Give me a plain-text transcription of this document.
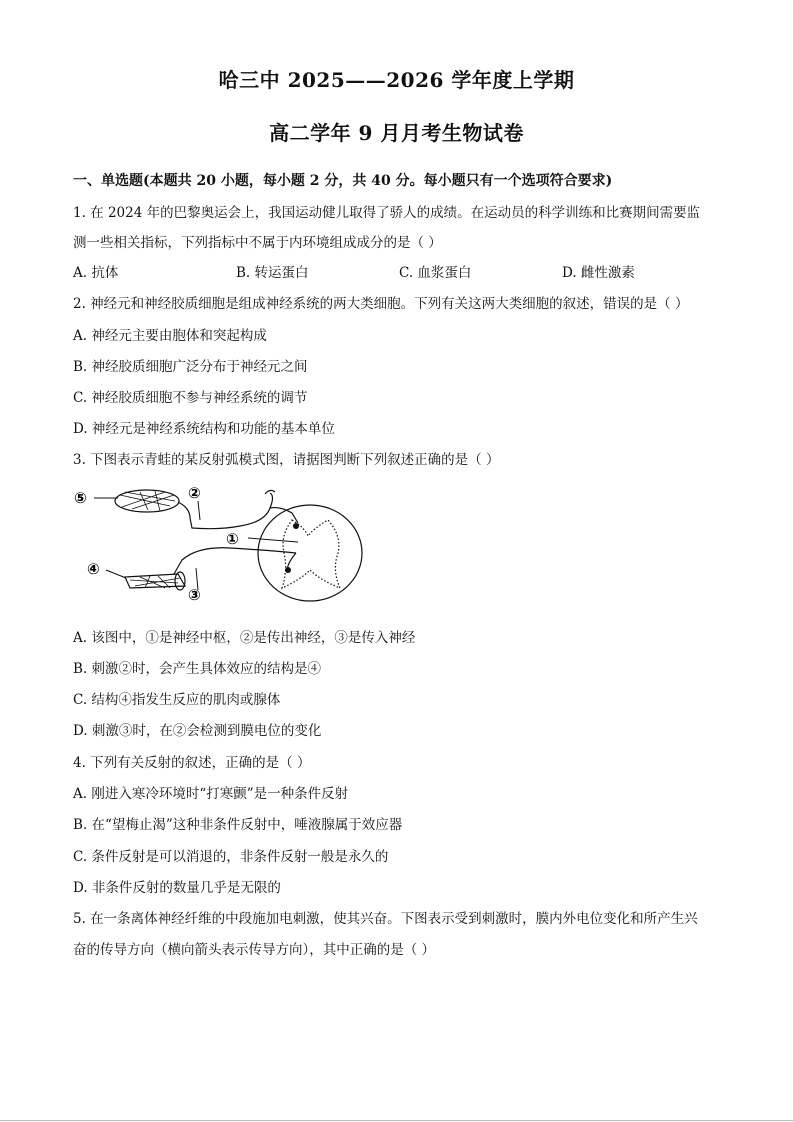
哈三中 2025——2026 学年度上学期
高二学年 9 月月考生物试卷
一、单选题(本题共 20 小题，每小题 2 分，共 40 分。每小题只有一个选项符合要求)
1. 在 2024 年的巴黎奥运会上，我国运动健儿取得了骄人的成绩。在运动员的科学训练和比赛期间需要监
测一些相关指标，下列指标中不属于内环境组成成分的是（ ）
A. 抗体	B. 转运蛋白	C. 血浆蛋白	D. 雌性激素
2. 神经元和神经胶质细胞是组成神经系统的两大类细胞。下列有关这两大类细胞的叙述，错误的是（ ）
A. 神经元主要由胞体和突起构成
B. 神经胶质细胞广泛分布于神经元之间
C. 神经胶质细胞不参与神经系统的调节
D. 神经元是神经系统结构和功能的基本单位
3. 下图表示青蛙的某反射弧模式图，请据图判断下列叙述正确的是（ ）
⑤	②
①
④
③
A. 该图中，①是神经中枢，②是传出神经，③是传入神经
B. 刺激②时，会产生具体效应的结构是④
C. 结构④指发生反应的肌肉或腺体
D. 刺激③时，在②会检测到膜电位的变化
4. 下列有关反射的叙述，正确的是（ ）
A. 刚进入寒冷环境时“打寒颤”是一种条件反射
B. 在“望梅止渴”这种非条件反射中，唾液腺属于效应器
C. 条件反射是可以消退的，非条件反射一般是永久的
D. 非条件反射的数量几乎是无限的
5. 在一条离体神经纤维的中段施加电刺激，使其兴奋。下图表示受到刺激时，膜内外电位变化和所产生兴
奋的传导方向（横向箭头表示传导方向），其中正确的是（ ）
